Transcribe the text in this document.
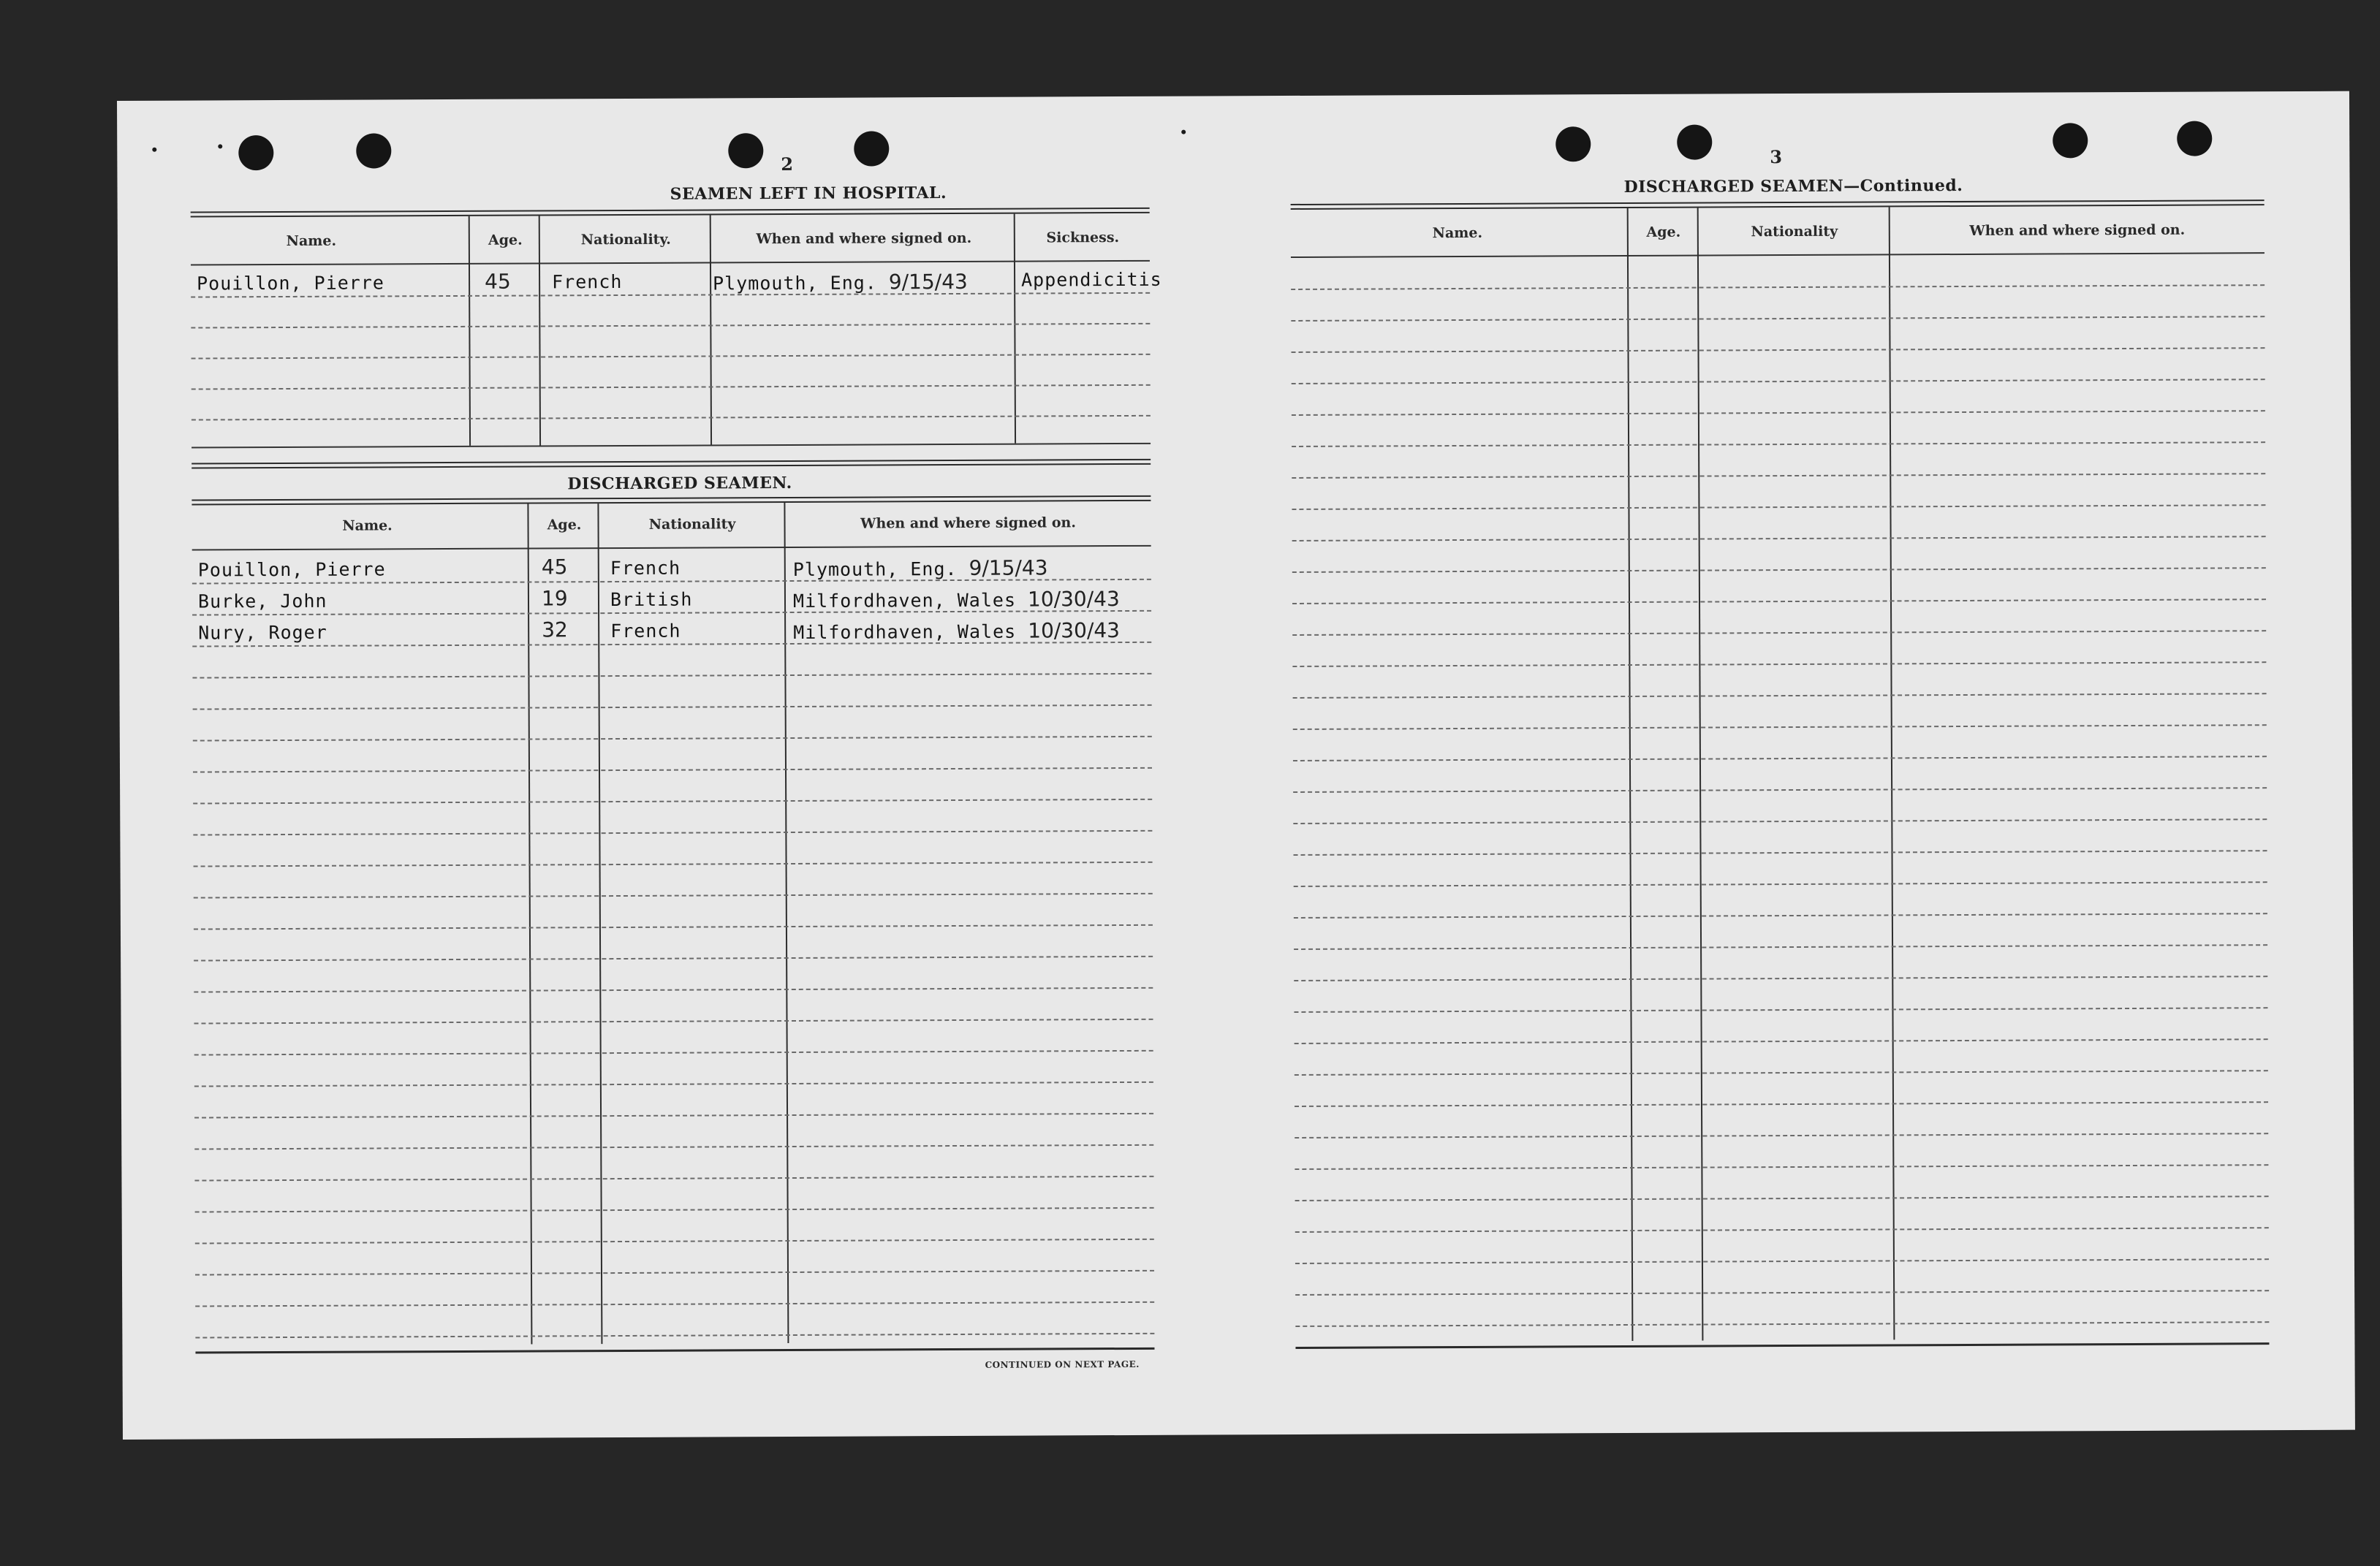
2
SEAMEN LEFT IN HOSPITAL.
Name.	Age.	Nationality.	When and where signed on.	Sickness.
Pouillon, Pierre	45 French	Plymouth, Eng. 9/15/43	Appendicitis
DISCHARGED SEAMEN.
Name.	Age.	Nationality	When and where signed on.
Pouillon, Pierre	45 French	Plymouth, Eng. 9/15/43
Burke, John	19 British	Milfordhaven, Wales 10/30/43
Nury, Roger	32 French	Milfordhaven, Wales 10/30/43
CONTINUED ON NEXT PAGE.
3
DISCHARGED SEAMEN—Continued.
Name.	Age.	Nationality	When and where signed on.
